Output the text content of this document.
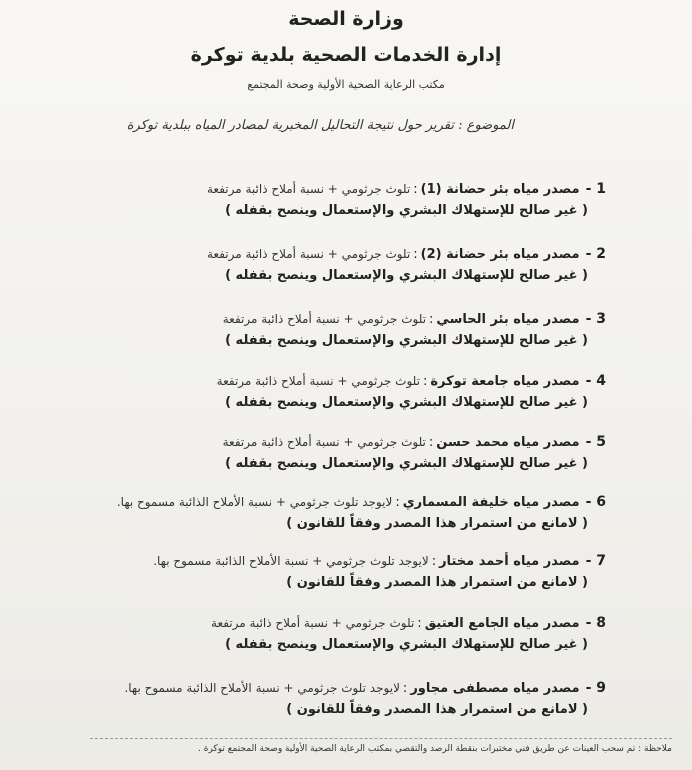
وزارة الصحة
إدارة الخدمات الصحية بلدية توكرة
مكتب الرعاية الصحية الأولية وصحة المجتمع
الموضوع : تقرير حول نتيجة التحاليل المخبرية لمصادر المياه ببلدية توكرة
1 -مصدر مياه بئر حضانة (1):تلوث جرثومي + نسبة أملاح ذائبة مرتفعة
( غير صالح للإستهلاك البشري والإستعمال وينصح بقفله )
2 -مصدر مياه بئر حضانة (2):تلوث جرثومي + نسبة أملاح ذائبة مرتفعة
( غير صالح للإستهلاك البشري والإستعمال وينصح بقفله )
3 -مصدر مياه بئر الحاسي:تلوث جرثومي + نسبة أملاح ذائبة مرتفعة
( غير صالح للإستهلاك البشري والإستعمال وينصح بقفله )
4 -مصدر مياه جامعة توكرة:تلوث جرثومي + نسبة أملاح ذائبة مرتفعة
( غير صالح للإستهلاك البشري والإستعمال وينصح بقفله )
5 -مصدر مياه محمد حسن:تلوث جرثومي + نسبة أملاح ذائبة مرتفعة
( غير صالح للإستهلاك البشري والإستعمال وينصح بقفله )
6 -مصدر مياه خليفة المسماري:لايوجد تلوث جرثومي + نسبة الأملاح الذائبة مسموح بها.
( لامانع من استمرار هذا المصدر وفقاً للقانون )
7 -مصدر مياه أحمد مختار:لايوجد تلوث جرثومي + نسبة الأملاح الذائبة مسموح بها.
( لامانع من استمرار هذا المصدر وفقاً للقانون )
8 -مصدر مياه الجامع العتيق:تلوث جرثومي + نسبة أملاح ذائبة مرتفعة
( غير صالح للإستهلاك البشري والإستعمال وينصح بقفله )
9 -مصدر مياه مصطفى مجاور:لايوجد تلوث جرثومي + نسبة الأملاح الذائبة مسموح بها.
( لامانع من استمرار هذا المصدر وفقاً للقانون )
ملاحظة : تم سحب العينات عن طريق فني مختبرات بنقطة الرصد والتقصي بمكتب الرعاية الصحية الأولية وصحة المجتمع توكرة .
